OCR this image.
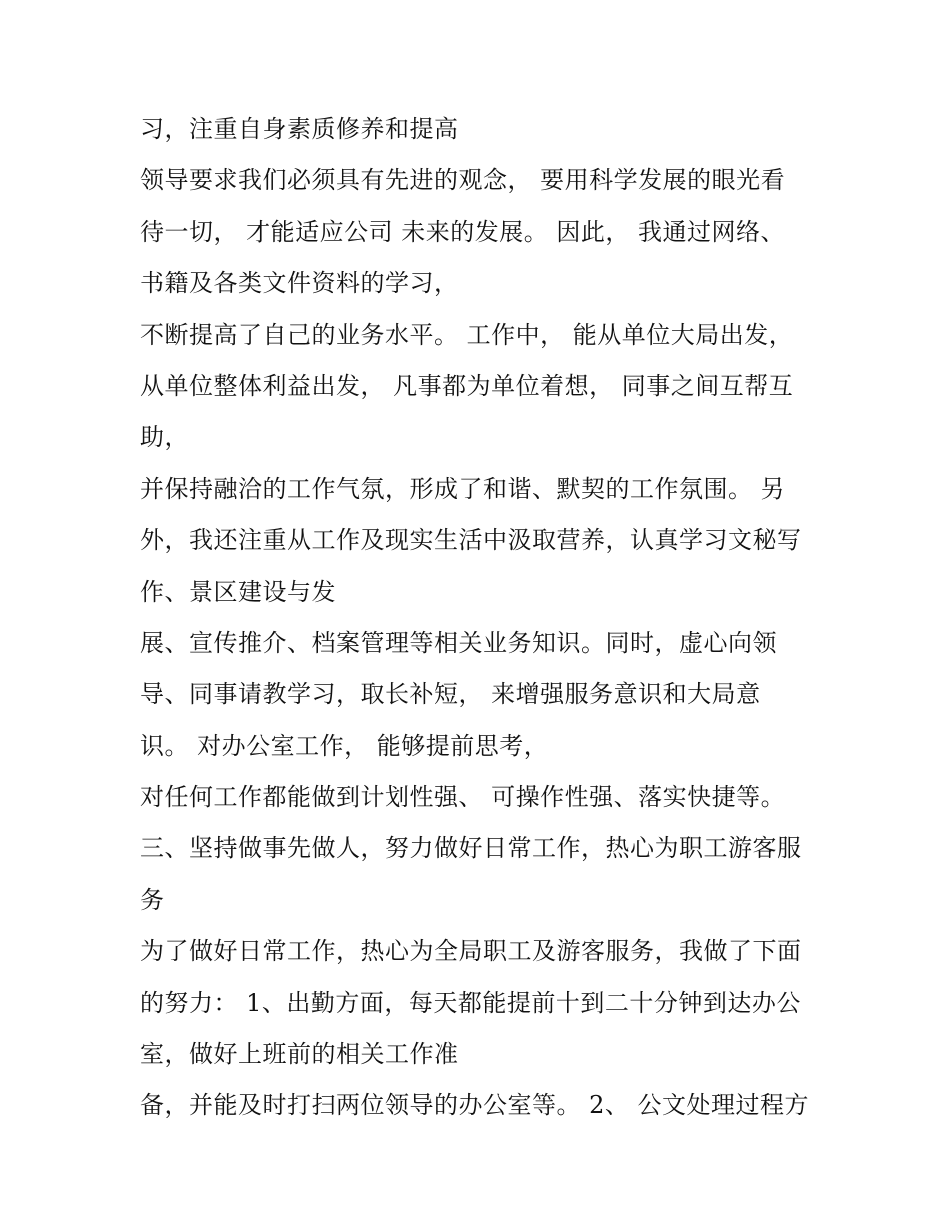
习，注重自身素质修养和提高
领导要求我们必须具有先进的观念， 要用科学发展的眼光看
待一切， 才能适应公司 未来的发展。 因此， 我通过网络、
书籍及各类文件资料的学习，
不断提高了自己的业务水平。 工作中， 能从单位大局出发，
从单位整体利益出发， 凡事都为单位着想， 同事之间互帮互
助，
并保持融洽的工作气氛，形成了和谐、默契的工作氛围。 另
外，我还注重从工作及现实生活中汲取营养，认真学习文秘写
作、景区建设与发
展、宣传推介、档案管理等相关业务知识。同时，虚心向领
导、同事请教学习，取长补短， 来增强服务意识和大局意
识。 对办公室工作， 能够提前思考，
对任何工作都能做到计划性强、 可操作性强、落实快捷等。
三、坚持做事先做人，努力做好日常工作，热心为职工游客服
务
为了做好日常工作，热心为全局职工及游客服务，我做了下面
的努力： 1、出勤方面，每天都能提前十到二十分钟到达办公
室，做好上班前的相关工作准
备，并能及时打扫两位领导的办公室等。 2、 公文处理过程方
